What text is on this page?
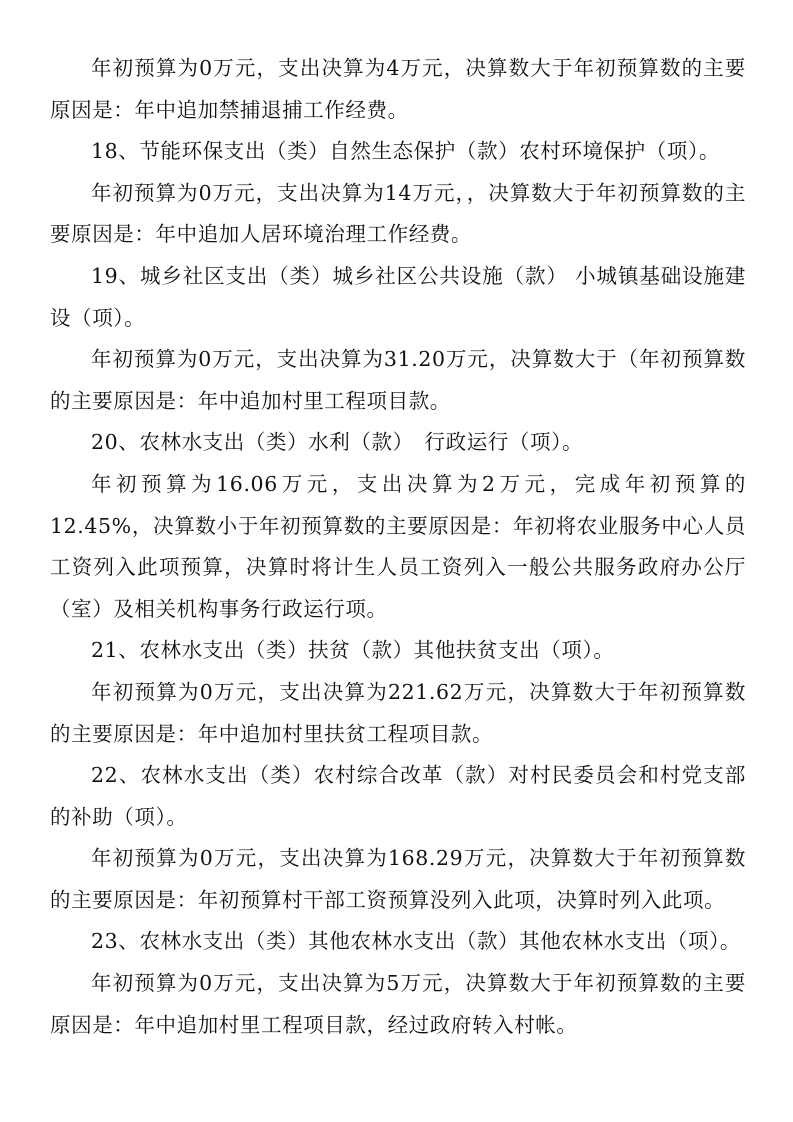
年初预算为0万元，支出决算为4万元，决算数大于年初预算数的主要原因是：年中追加禁捕退捕工作经费。

18、节能环保支出（类）自然生态保护（款）农村环境保护（项）。

年初预算为0万元，支出决算为14万元，，决算数大于年初预算数的主要原因是：年中追加人居环境治理工作经费。

19、城乡社区支出（类）城乡社区公共设施（款） 小城镇基础设施建设（项）。

年初预算为0万元，支出决算为31.20万元，决算数大于（年初预算数的主要原因是：年中追加村里工程项目款。

20、农林水支出（类）水利（款）　行政运行（项）。

年初预算为16.06万元，支出决算为2万元，完成年初预算的12.45%，决算数小于年初预算数的主要原因是：年初将农业服务中心人员工资列入此项预算，决算时将计生人员工资列入一般公共服务政府办公厅（室）及相关机构事务行政运行项。

21、农林水支出（类）扶贫（款）其他扶贫支出（项）。

年初预算为0万元，支出决算为221.62万元，决算数大于年初预算数的主要原因是：年中追加村里扶贫工程项目款。

22、农林水支出（类）农村综合改革（款）对村民委员会和村党支部的补助（项）。

年初预算为0万元，支出决算为168.29万元，决算数大于年初预算数的主要原因是：年初预算村干部工资预算没列入此项，决算时列入此项。

23、农林水支出（类）其他农林水支出（款）其他农林水支出（项）。

年初预算为0万元，支出决算为5万元，决算数大于年初预算数的主要原因是：年中追加村里工程项目款，经过政府转入村帐。
